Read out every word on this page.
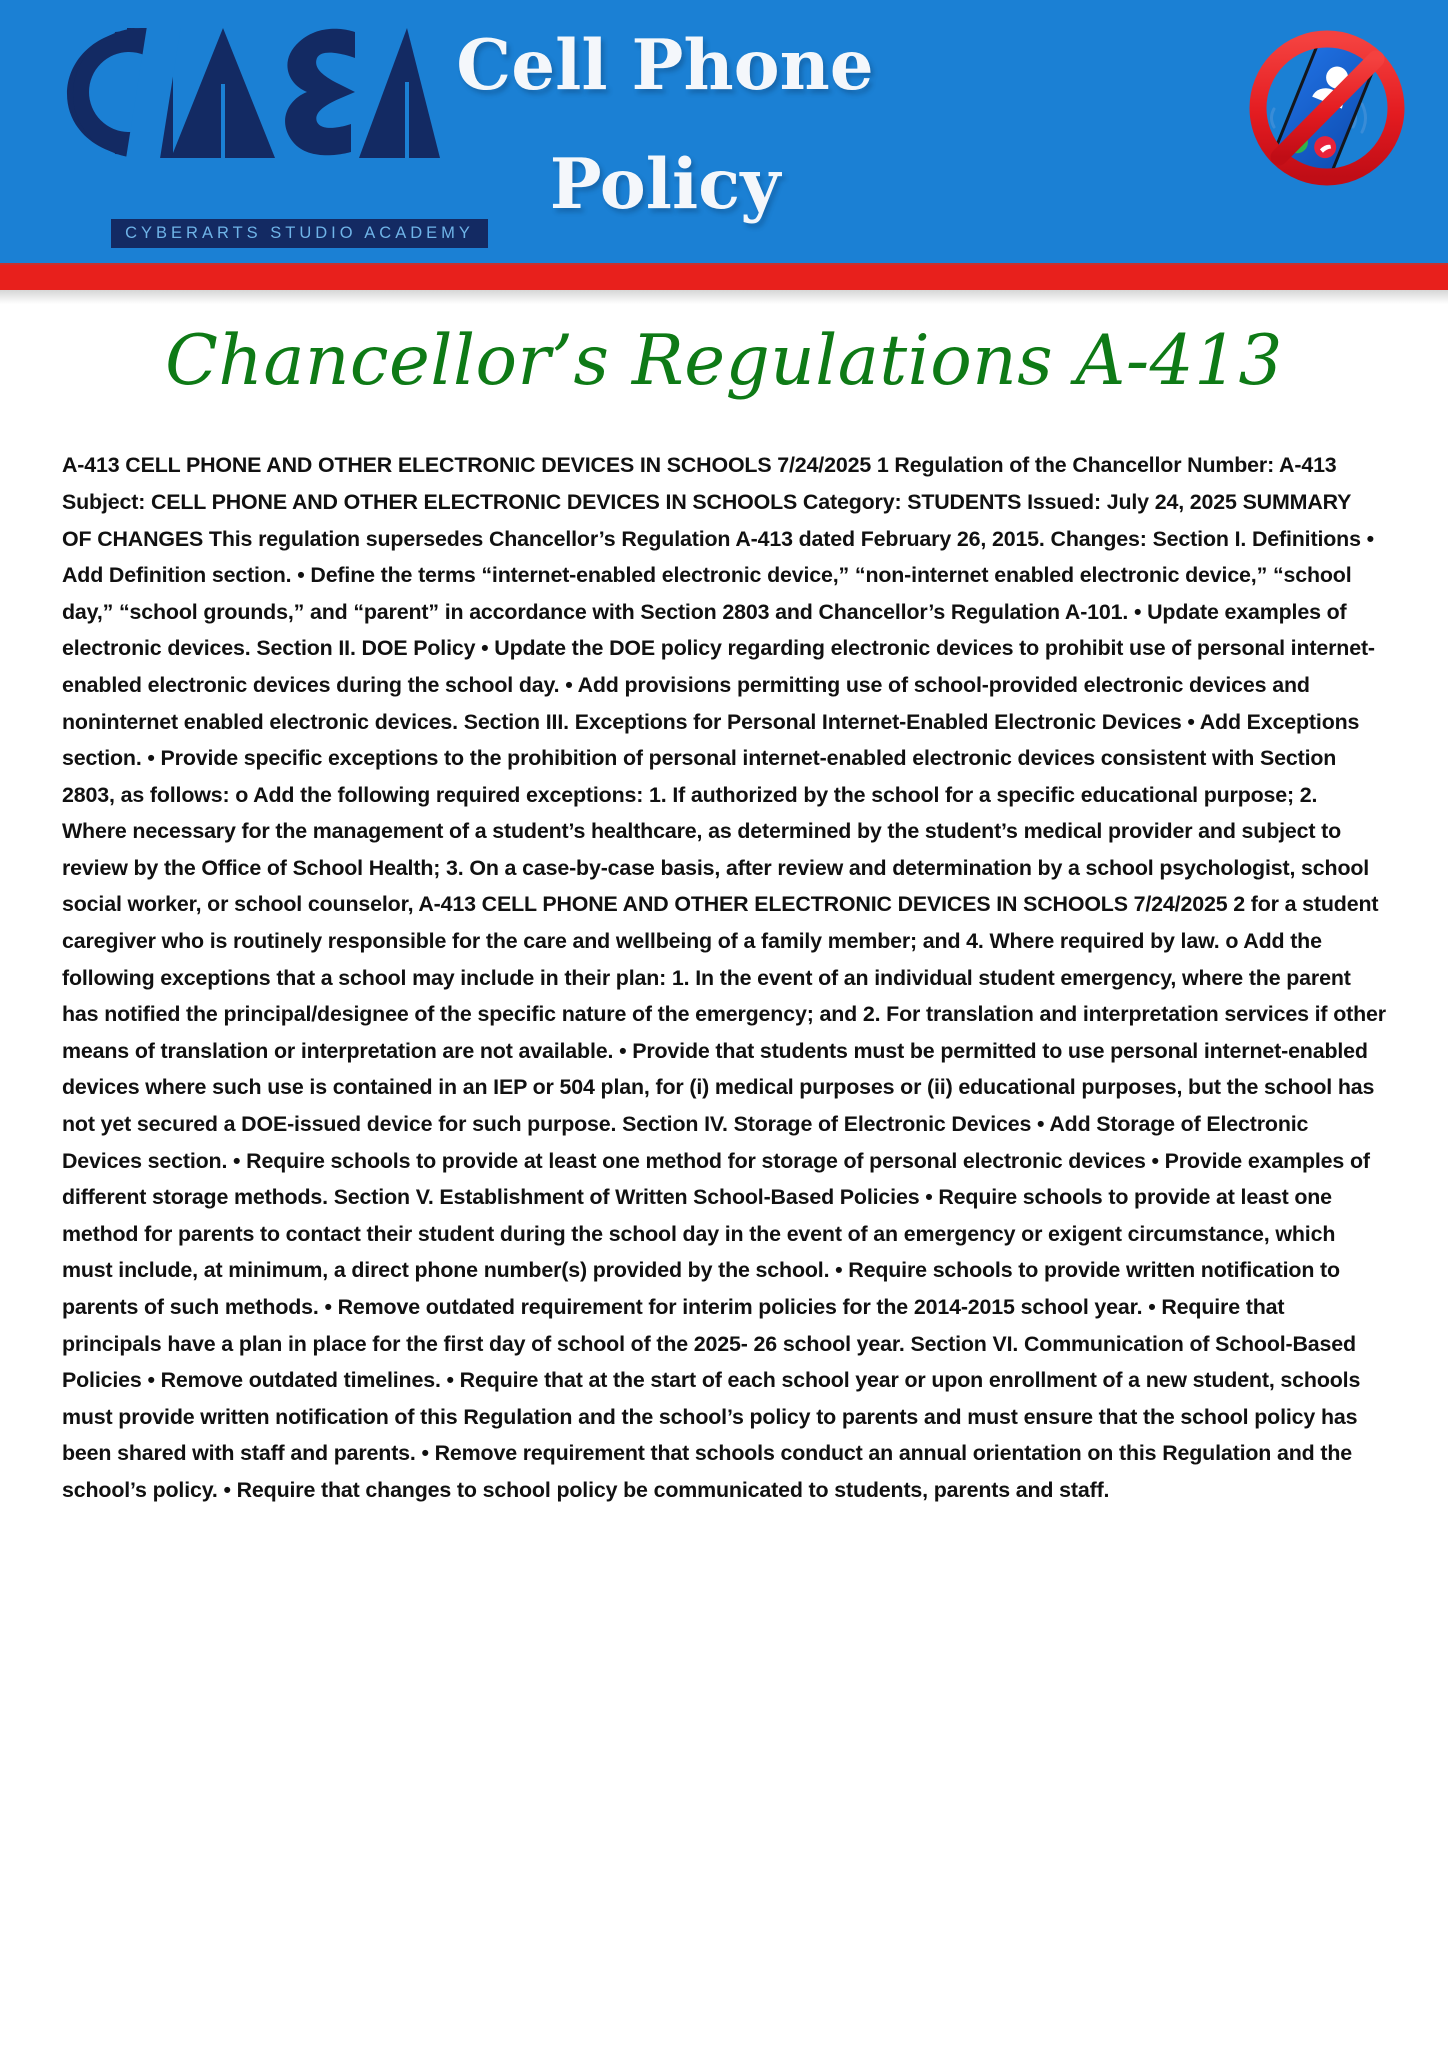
CYBERARTS STUDIO ACADEMY
Cell Phone
Policy
Chancellor’s Regulations A-413
A-413 CELL PHONE AND OTHER ELECTRONIC DEVICES IN SCHOOLS 7/24/2025 1 Regulation of the Chancellor Number: A-413 Subject: CELL PHONE AND OTHER ELECTRONIC DEVICES IN SCHOOLS Category: STUDENTS Issued: July 24, 2025 SUMMARY OF CHANGES This regulation supersedes Chancellor’s Regulation A-413 dated February 26, 2015. Changes: Section I. Definitions • Add Definition section. • Define the terms “internet-enabled electronic device,” “non-internet enabled electronic device,” “school day,” “school grounds,” and “parent” in accordance with Section 2803 and Chancellor’s Regulation A-101. • Update examples of electronic devices. Section II. DOE Policy • Update the DOE policy regarding electronic devices to prohibit use of personal internet-enabled electronic devices during the school day. • Add provisions permitting use of school-provided electronic devices and noninternet enabled electronic devices. Section III. Exceptions for Personal Internet-Enabled Electronic Devices • Add Exceptions section. • Provide specific exceptions to the prohibition of personal internet-enabled electronic devices consistent with Section 2803, as follows: o Add the following required exceptions: 1. If authorized by the school for a specific educational purpose; 2. Where necessary for the management of a student’s healthcare, as determined by the student’s medical provider and subject to review by the Office of School Health; 3. On a case-by-case basis, after review and determination by a school psychologist, school social worker, or school counselor, A-413 CELL PHONE AND OTHER ELECTRONIC DEVICES IN SCHOOLS 7/24/2025 2 for a student caregiver who is routinely responsible for the care and wellbeing of a family member; and 4. Where required by law. o Add the following exceptions that a school may include in their plan: 1. In the event of an individual student emergency, where the parent has notified the principal/designee of the specific nature of the emergency; and 2. For translation and interpretation services if other means of translation or interpretation are not available. • Provide that students must be permitted to use personal internet-enabled devices where such use is contained in an IEP or 504 plan, for (i) medical purposes or (ii) educational purposes, but the school has not yet secured a DOE-issued device for such purpose. Section IV. Storage of Electronic Devices • Add Storage of Electronic Devices section. • Require schools to provide at least one method for storage of personal electronic devices • Provide examples of different storage methods. Section V. Establishment of Written School-Based Policies • Require schools to provide at least one method for parents to contact their student during the school day in the event of an emergency or exigent circumstance, which must include, at minimum, a direct phone number(s) provided by the school. • Require schools to provide written notification to parents of such methods. • Remove outdated requirement for interim policies for the 2014-2015 school year. • Require that principals have a plan in place for the first day of school of the 2025- 26 school year. Section VI. Communication of School-Based Policies • Remove outdated timelines. • Require that at the start of each school year or upon enrollment of a new student, schools must provide written notification of this Regulation and the school’s policy to parents and must ensure that the school policy has been shared with staff and parents. • Remove requirement that schools conduct an annual orientation on this Regulation and the school’s policy. • Require that changes to school policy be communicated to students, parents and staff.
